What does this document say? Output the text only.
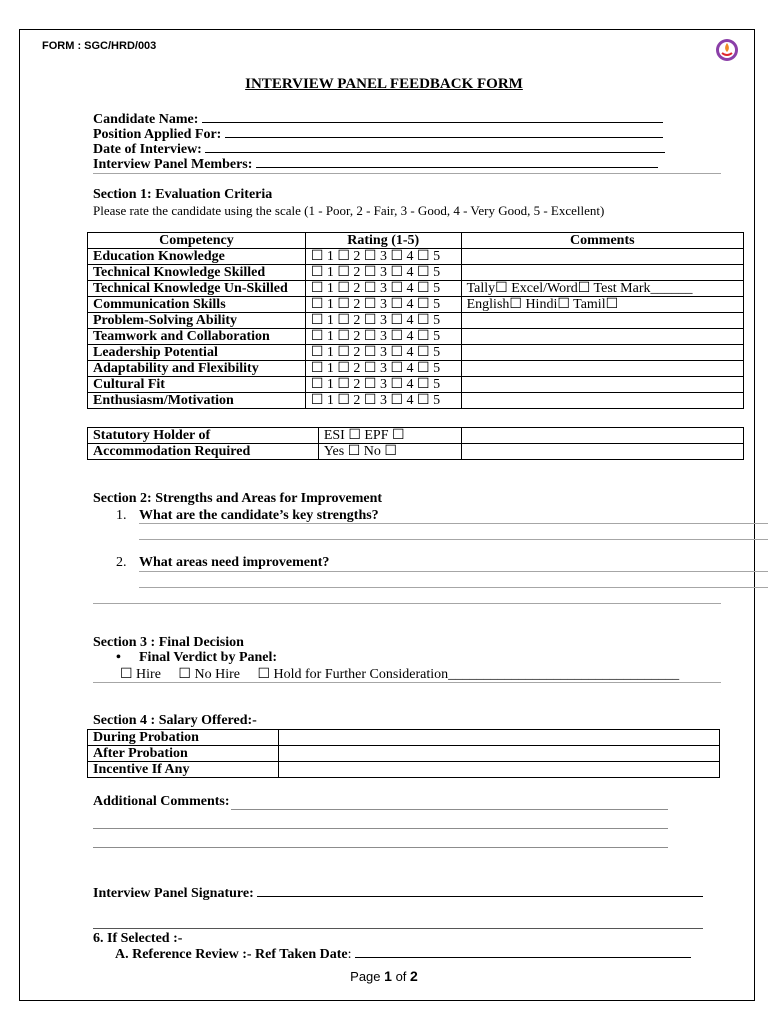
FORM : SGC/HRD/003
INTERVIEW PANEL FEEDBACK FORM
Candidate Name:
Position Applied For:
Date of Interview:
Interview Panel Members:
Section 1: Evaluation Criteria
Please rate the candidate using the scale (1 - Poor, 2 - Fair, 3 - Good, 4 - Very Good, 5 - Excellent)
Competency	Rating (1-5)	Comments
Education Knowledge	☐ 1 ☐ 2 ☐ 3 ☐ 4 ☐ 5	
Technical Knowledge Skilled	☐ 1 ☐ 2 ☐ 3 ☐ 4 ☐ 5	
Technical Knowledge Un-Skilled	☐ 1 ☐ 2 ☐ 3 ☐ 4 ☐ 5	Tally☐ Excel/Word☐ Test Mark______
Communication Skills	☐ 1 ☐ 2 ☐ 3 ☐ 4 ☐ 5	English☐ Hindi☐ Tamil☐
Problem-Solving Ability	☐ 1 ☐ 2 ☐ 3 ☐ 4 ☐ 5	
Teamwork and Collaboration	☐ 1 ☐ 2 ☐ 3 ☐ 4 ☐ 5	
Leadership Potential	☐ 1 ☐ 2 ☐ 3 ☐ 4 ☐ 5	
Adaptability and Flexibility	☐ 1 ☐ 2 ☐ 3 ☐ 4 ☐ 5	
Cultural Fit	☐ 1 ☐ 2 ☐ 3 ☐ 4 ☐ 5	
Enthusiasm/Motivation	☐ 1 ☐ 2 ☐ 3 ☐ 4 ☐ 5	
Statutory Holder of	ESI ☐ EPF ☐	
Accommodation Required	Yes ☐ No ☐	
Section 2: Strengths and Areas for Improvement
1. What are the candidate’s key strengths?
2. What areas need improvement?
Section 3 : Final Decision
• Final Verdict by Panel:
☐ Hire     ☐ No Hire     ☐ Hold for Further Consideration_________________________________
Section 4 : Salary Offered:-
During Probation	
After Probation	
Incentive If Any	
Additional Comments:
Interview Panel Signature:
6. If Selected :-
A. Reference Review :- Ref Taken Date:
Page 1 of 2
